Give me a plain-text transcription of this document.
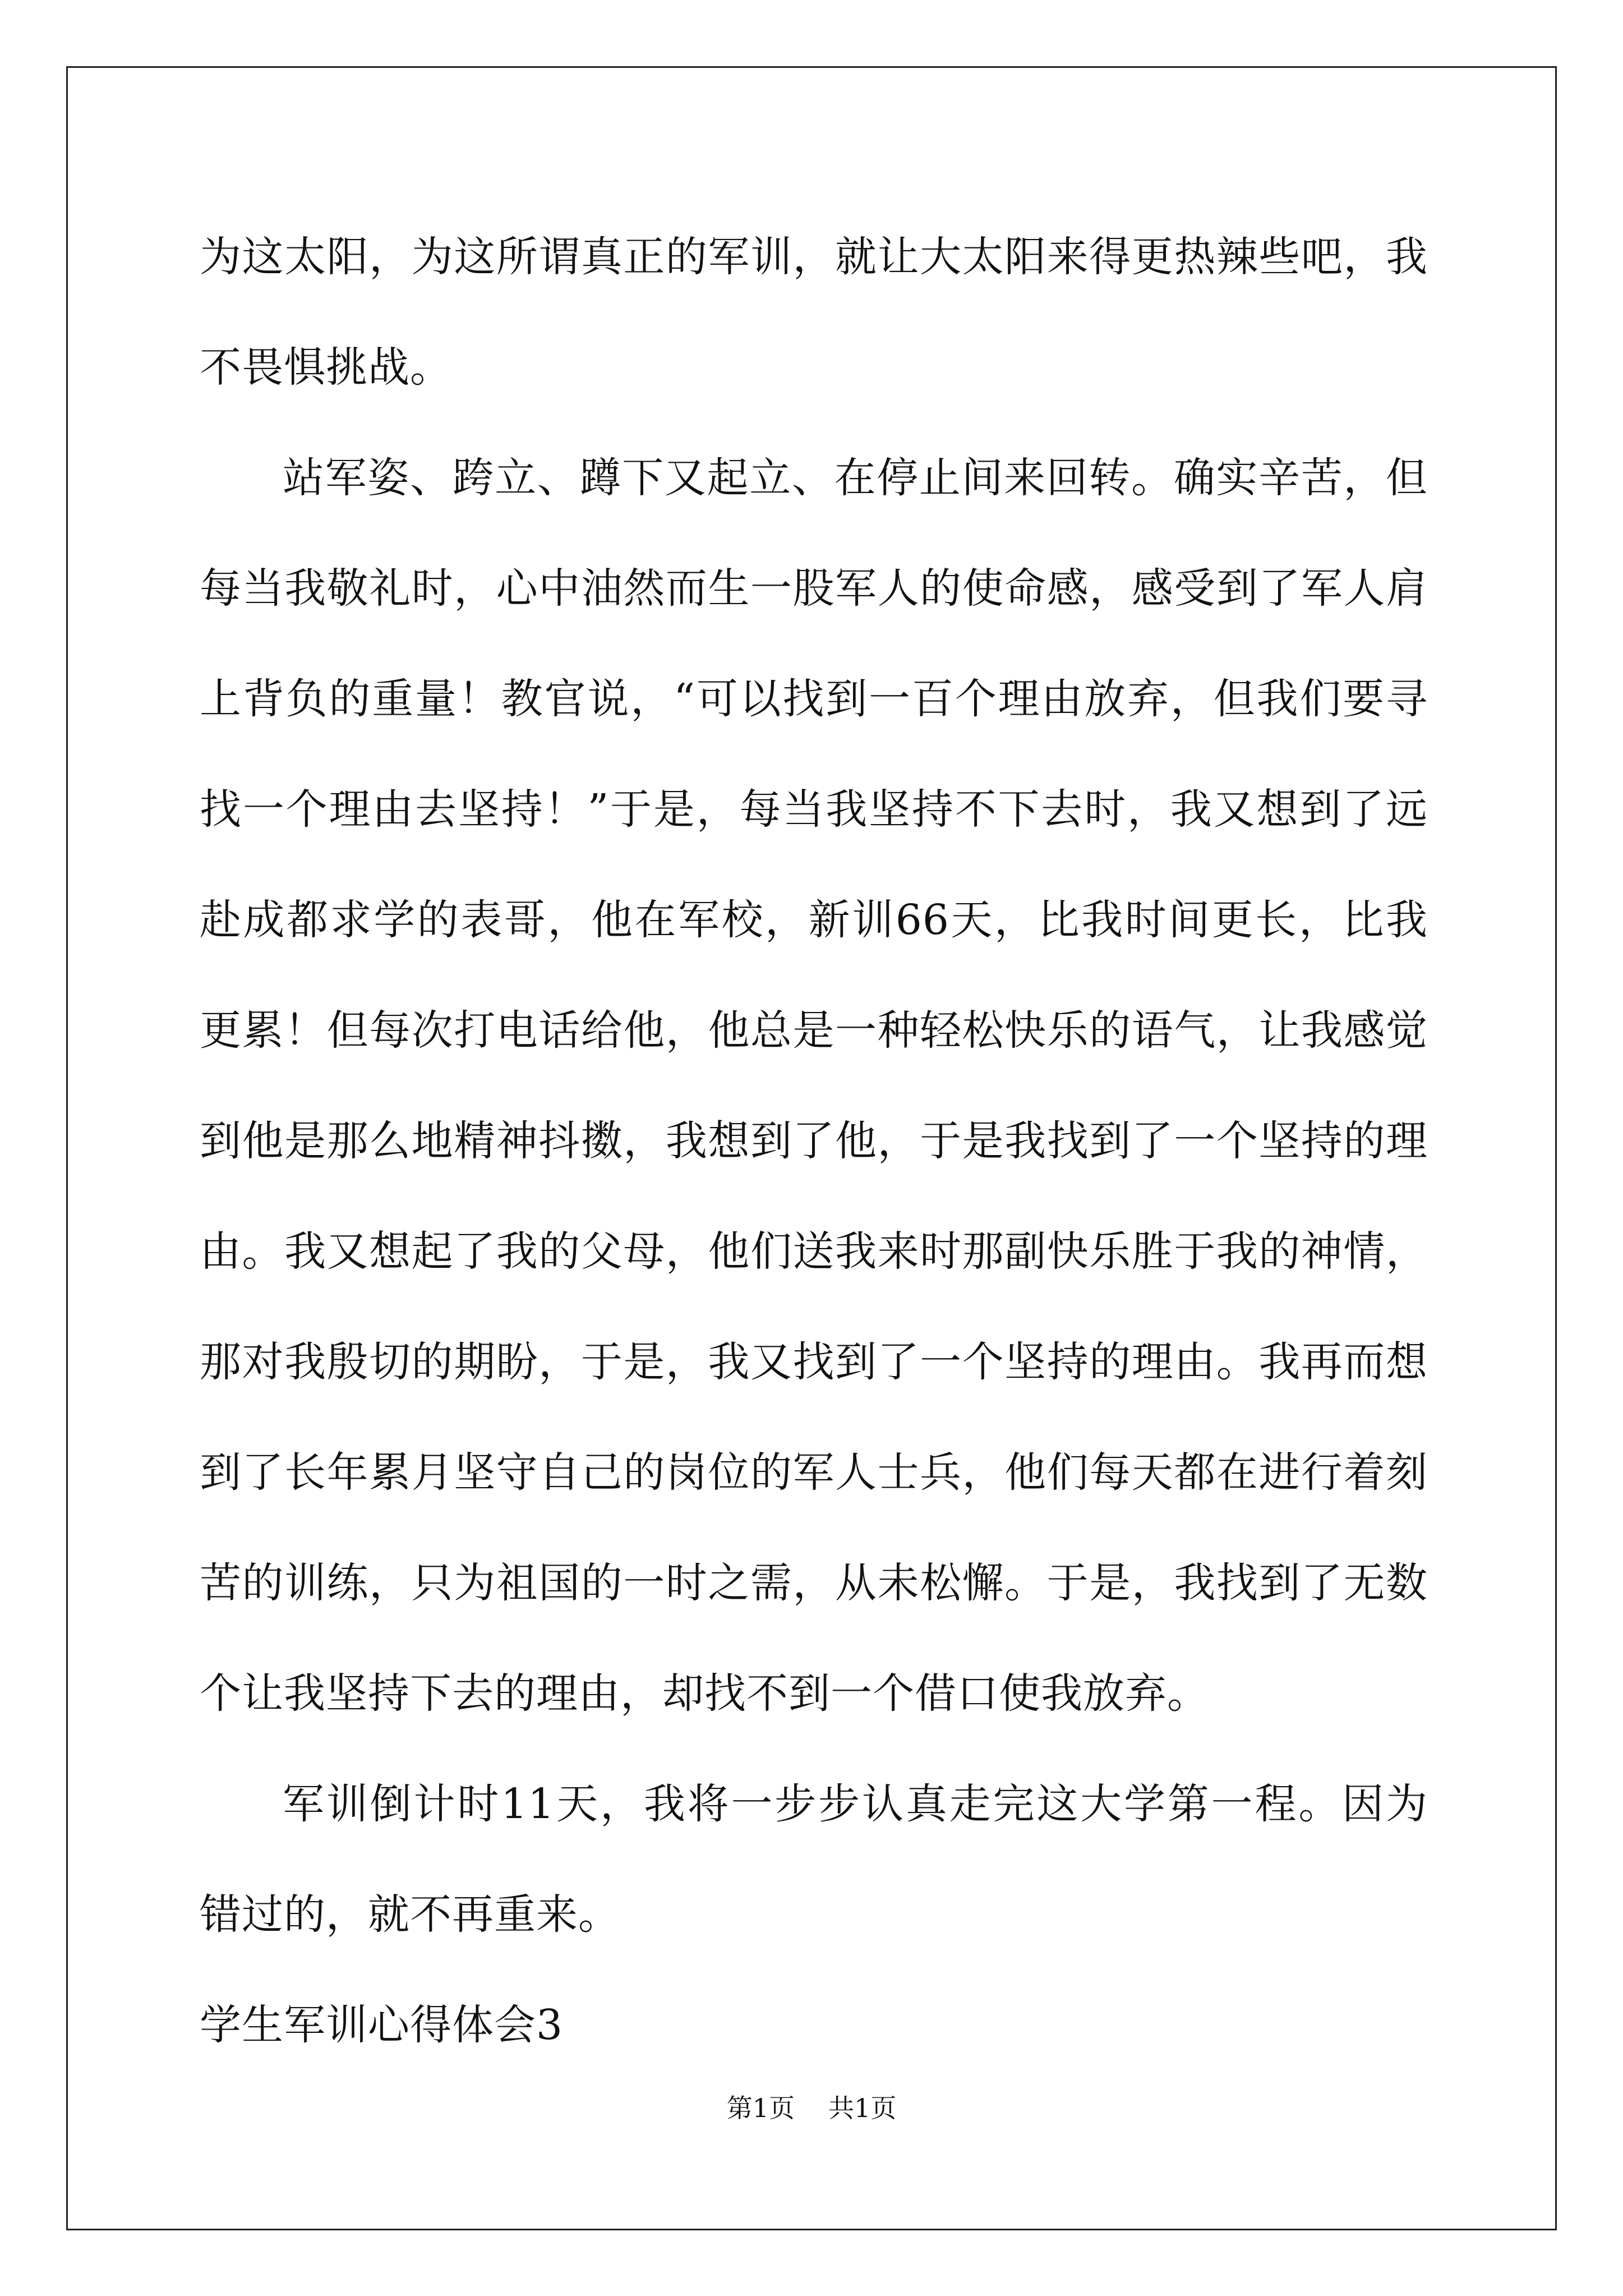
为这太阳，为这所谓真正的军训，就让大太阳来得更热辣些吧，我不畏惧挑战。

站军姿、跨立、蹲下又起立、在停止间来回转。确实辛苦，但每当我敬礼时，心中油然而生一股军人的使命感，感受到了军人肩上背负的重量！教官说，“可以找到一百个理由放弃，但我们要寻找一个理由去坚持！”于是，每当我坚持不下去时，我又想到了远赴成都求学的表哥，他在军校，新训66天，比我时间更长，比我更累！但每次打电话给他，他总是一种轻松快乐的语气，让我感觉到他是那么地精神抖擞，我想到了他，于是我找到了一个坚持的理由。我又想起了我的父母，他们送我来时那副快乐胜于我的神情，那对我殷切的期盼，于是，我又找到了一个坚持的理由。我再而想到了长年累月坚守自己的岗位的军人士兵，他们每天都在进行着刻苦的训练，只为祖国的一时之需，从未松懈。于是，我找到了无数个让我坚持下去的理由，却找不到一个借口使我放弃。

军训倒计时11天，我将一步步认真走完这大学第一程。因为错过的，就不再重来。

学生军训心得体会3

第1页 共1页
